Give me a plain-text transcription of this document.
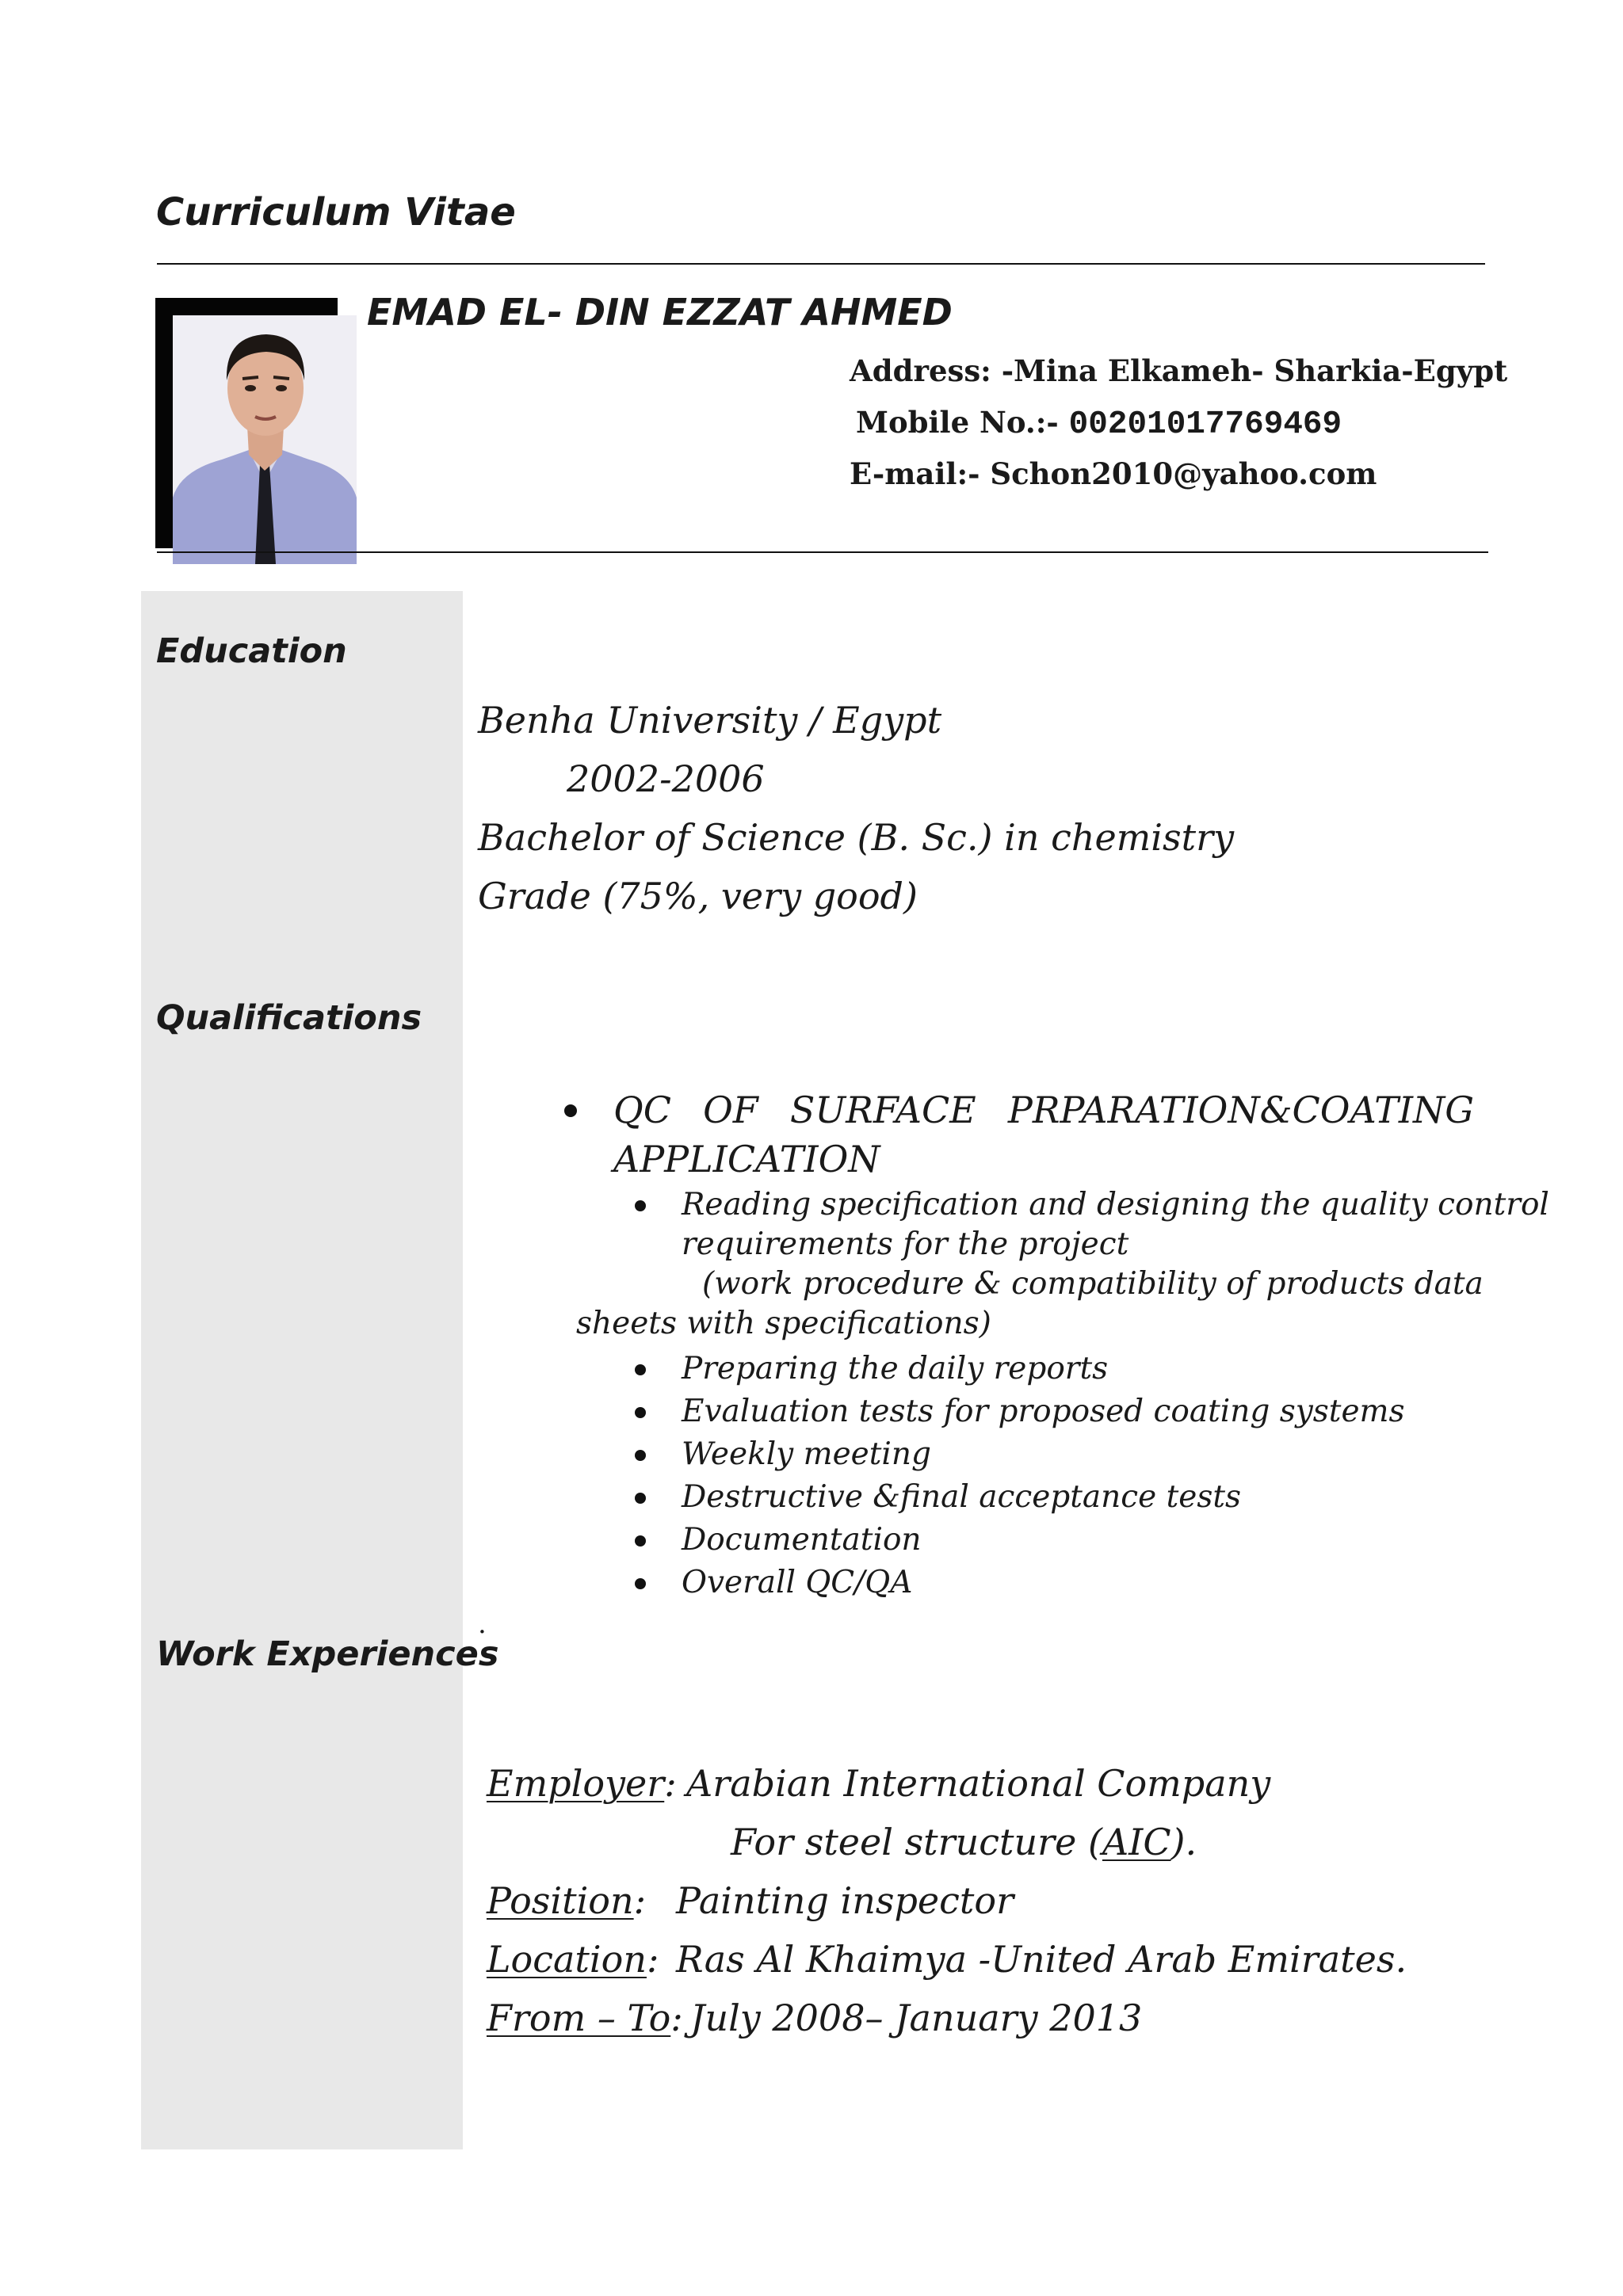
Curriculum Vitae
EMAD EL- DIN EZZAT AHMED
Address: -Mina Elkameh- Sharkia-Egypt
Mobile No.:- 00201017769469
E-mail:- Schon2010@yahoo.com
Education
Qualifications
Work Experiences
Benha University / Egypt
2002-2006
Bachelor of Science (B. Sc.) in chemistry
Grade (75%, very good)
QC OF SURFACE PRPARATION&COATING
APPLICATION
Reading specification and designing the quality control
requirements for the project
(work procedure & compatibility of products data
sheets with specifications)
Preparing the daily reports
Evaluation tests for proposed coating systems
Weekly meeting
Destructive &final acceptance tests
Documentation
Overall QC/QA
.
Employer: Arabian International Company
For steel structure (AIC).
Position: Painting inspector
Location: Ras Al Khaimya -United Arab Emirates.
From – To: July 2008– January 2013
